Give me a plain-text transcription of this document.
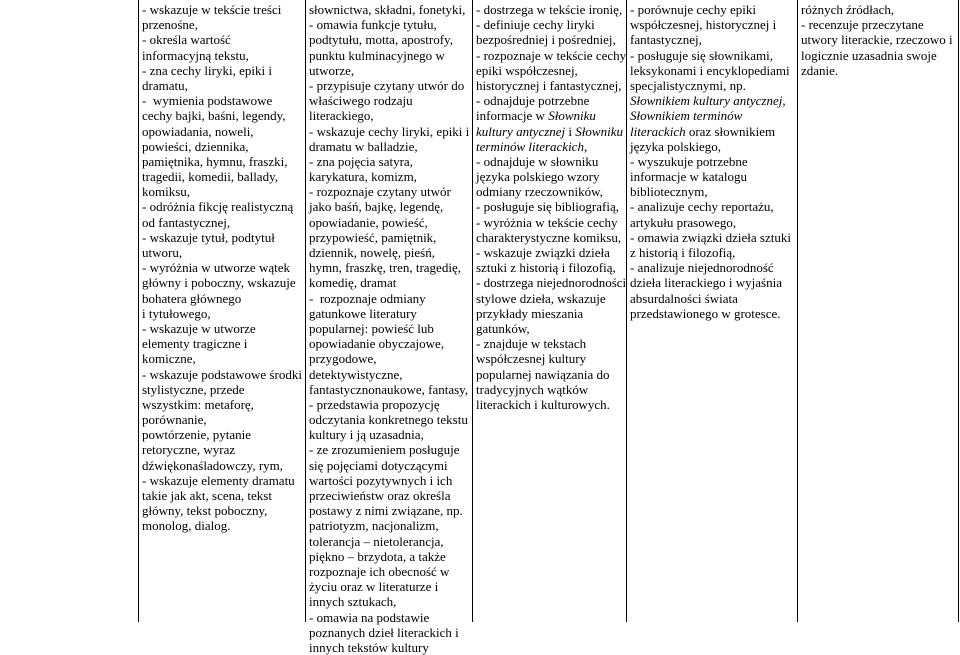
- wskazuje w tekście treści
przenośne,
- określa wartość
informacyjną tekstu,
- zna cechy liryki, epiki i
dramatu,
-  wymienia podstawowe
cechy bajki, baśni, legendy,
opowiadania, noweli,
powieści, dziennika,
pamiętnika, hymnu, fraszki,
tragedii, komedii, ballady,
komiksu,
- odróżnia fikcję realistyczną
od fantastycznej,
- wskazuje tytuł, podtytuł
utworu,
- wyróżnia w utworze wątek
główny i poboczny, wskazuje
bohatera głównego
i tytułowego,
- wskazuje w utworze
elementy tragiczne i
komiczne,
- wskazuje podstawowe środki
stylistyczne, przede
wszystkim: metaforę,
porównanie,
powtórzenie, pytanie
retoryczne, wyraz
dźwiękonaśladowczy, rym,
- wskazuje elementy dramatu
takie jak akt, scena, tekst
główny, tekst poboczny,
monolog, dialog.
słownictwa, składni, fonetyki,
- omawia funkcje tytułu,
podtytułu, motta, apostrofy,
punktu kulminacyjnego w
utworze,
- przypisuje czytany utwór do
właściwego rodzaju
literackiego,
- wskazuje cechy liryki, epiki i
dramatu w balladzie,
- zna pojęcia satyra,
karykatura, komizm,
- rozpoznaje czytany utwór
jako baśń, bajkę, legendę,
opowiadanie, powieść,
przypowieść, pamiętnik,
dziennik, nowelę, pieśń,
hymn, fraszkę, tren, tragedię,
komedię, dramat
-  rozpoznaje odmiany
gatunkowe literatury
popularnej: powieść lub
opowiadanie obyczajowe,
przygodowe,
detektywistyczne,
fantastycznonaukowe, fantasy,
- przedstawia propozycję
odczytania konkretnego tekstu
kultury i ją uzasadnia,
- ze zrozumieniem posługuje
się pojęciami dotyczącymi
wartości pozytywnych i ich
przeciwieństw oraz określa
postawy z nimi związane, np.
patriotyzm, nacjonalizm,
tolerancja – nietolerancja,
piękno – brzydota, a także
rozpoznaje ich obecność w
życiu oraz w literaturze i
innych sztukach,
- omawia na podstawie
poznanych dzieł literackich i
innych tekstów kultury
- dostrzega w tekście ironię,
- definiuje cechy liryki
bezpośredniej i pośredniej,
- rozpoznaje w tekście cechy
epiki współczesnej,
historycznej i fantastycznej,
- odnajduje potrzebne
informacje w Słowniku
kultury antycznej i Słowniku
terminów literackich,
- odnajduje w słowniku
języka polskiego wzory
odmiany rzeczowników,
- posługuje się bibliografią,
- wyróżnia w tekście cechy
charakterystyczne komiksu,
- wskazuje związki dzieła
sztuki z historią i filozofią,
- dostrzega niejednorodności
stylowe dzieła, wskazuje
przykłady mieszania
gatunków,
- znajduje w tekstach
współczesnej kultury
popularnej nawiązania do
tradycyjnych wątków
literackich i kulturowych.
- porównuje cechy epiki
współczesnej, historycznej i
fantastycznej,
- posługuje się słownikami,
leksykonami i encyklopediami
specjalistycznymi, np.
Słownikiem kultury antycznej,
Słownikiem terminów
literackich oraz słownikiem
języka polskiego,
- wyszukuje potrzebne
informacje w katalogu
bibliotecznym,
- analizuje cechy reportażu,
artykułu prasowego,
- omawia związki dzieła sztuki
z historią i filozofią,
- analizuje niejednorodność
dzieła literackiego i wyjaśnia
absurdalności świata
przedstawionego w grotesce.
różnych źródłach,
- recenzuje przeczytane
utwory literackie, rzeczowo i
logicznie uzasadnia swoje
zdanie.
